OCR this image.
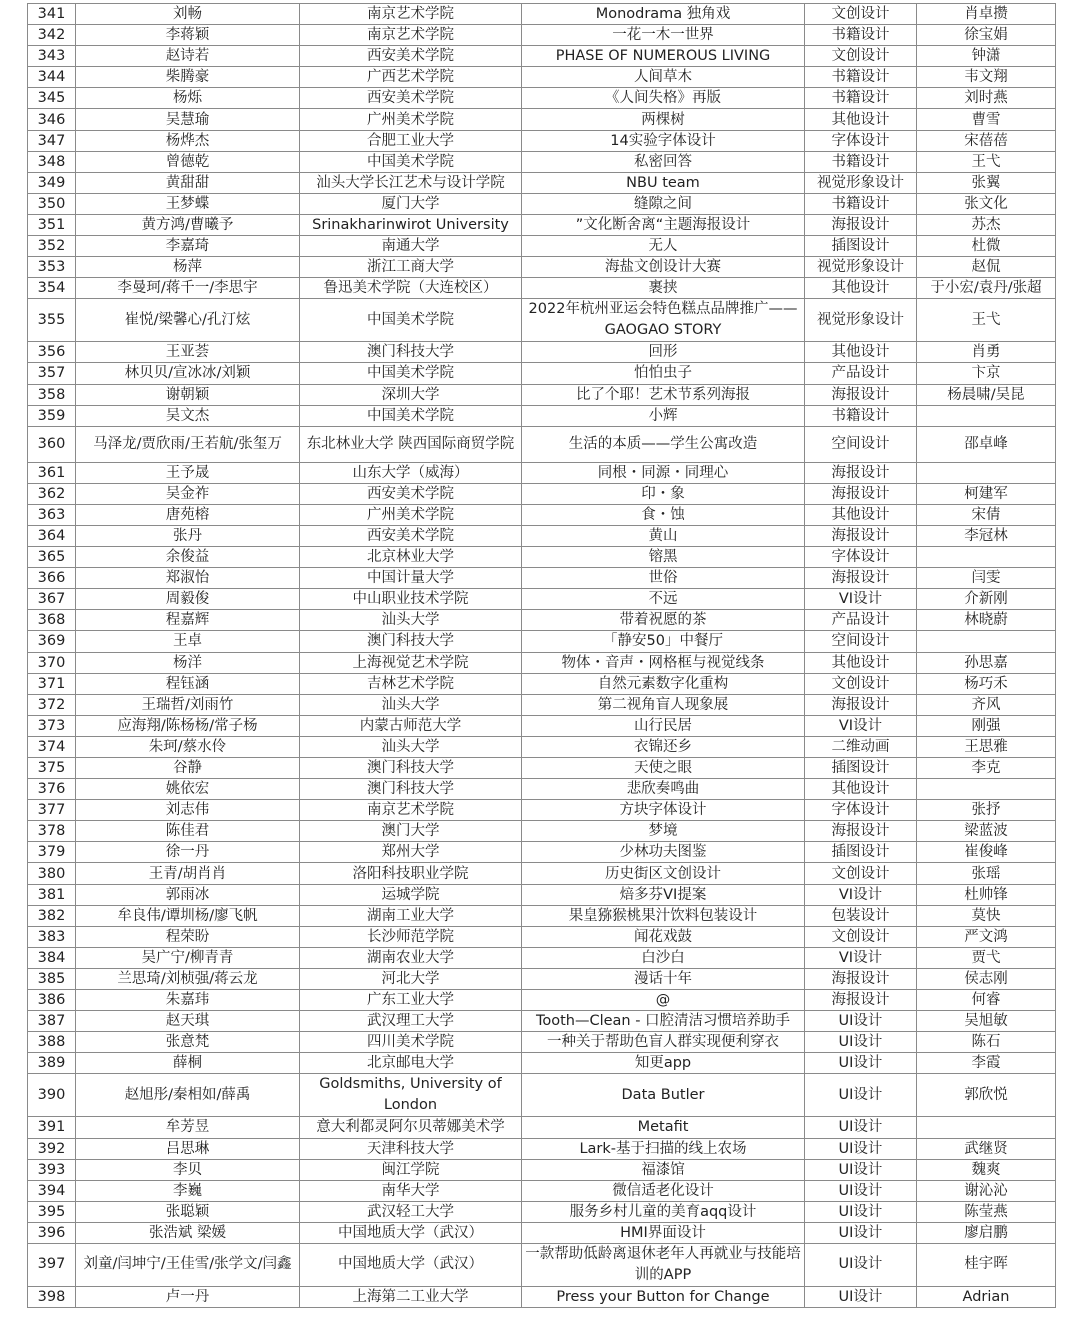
341	刘畅	南京艺术学院	Monodrama 独角戏	文创设计	肖卓攒
342	李蒋颖	南京艺术学院	一花一木一世界	书籍设计	徐宝娟
343	赵诗若	西安美术学院	PHASE OF NUMEROUS LIVING	文创设计	钟潇
344	柴腾豪	广西艺术学院	人间草木	书籍设计	韦文翔
345	杨烁	西安美术学院	《人间失格》再版	书籍设计	刘时燕
346	吴慧瑜	广州美术学院	两棵树	其他设计	曹雪
347	杨烨杰	合肥工业大学	14实验字体设计	字体设计	宋蓓蓓
348	曾德乾	中国美术学院	私密回答	书籍设计	王弋
349	黄甜甜	汕头大学长江艺术与设计学院	NBU team	视觉形象设计	张翼
350	王梦蝶	厦门大学	缝隙之间	书籍设计	张文化
351	黄方鸿/曹曦予	Srinakharinwirot University	”文化断舍离“主题海报设计	海报设计	苏杰
352	李嘉琦	南通大学	无人	插图设计	杜微
353	杨萍	浙江工商大学	海盐文创设计大赛	视觉形象设计	赵侃
354	李曼珂/蒋千一/李思宇	鲁迅美术学院（大连校区）	裹挟	其他设计	于小宏/袁丹/张超
355	崔悦/梁馨心/孔汀炫	中国美术学院	2022年杭州亚运会特色糕点品牌推广——GAOGAO STORY	视觉形象设计	王弋
356	王亚荟	澳门科技大学	回形	其他设计	肖勇
357	林贝贝/宣冰冰/刘颖	中国美术学院	怕怕虫子	产品设计	卞京
358	谢朝颖	深圳大学	比了个耶！艺术节系列海报	海报设计	杨晨啸/吴昆
359	吴文杰	中国美术学院	小辉	书籍设计	
360	马泽龙/贾欣雨/王若航/张玺万	东北林业大学 陕西国际商贸学院	生活的本质——学生公寓改造	空间设计	邵卓峰
361	王予晟	山东大学（威海）	同根・同源・同理心	海报设计	
362	吴金祚	西安美术学院	印・象	海报设计	柯建军
363	唐苑榕	广州美术学院	食・蚀	其他设计	宋倩
364	张丹	西安美术学院	黄山	海报设计	李冠林
365	余俊益	北京林业大学	镕黑	字体设计	
366	郑淑怡	中国计量大学	世俗	海报设计	闫雯
367	周毅俊	中山职业技术学院	不远	VI设计	介新刚
368	程嘉辉	汕头大学	带着祝愿的茶	产品设计	林晓蔚
369	王卓	澳门科技大学	「静安50」中餐厅	空间设计	
370	杨洋	上海视觉艺术学院	物体・音声・网格框与视觉线条	其他设计	孙思嘉
371	程钰涵	吉林艺术学院	自然元素数字化重构	文创设计	杨巧禾
372	王瑞哲/刘雨竹	汕头大学	第二视角盲人现象展	海报设计	齐风
373	应海翔/陈杨杨/常子杨	内蒙古师范大学	山行民居	VI设计	刚强
374	朱珂/蔡水伶	汕头大学	衣锦还乡	二维动画	王思雅
375	谷静	澳门科技大学	天使之眼	插图设计	李克
376	姚依宏	澳门科技大学	悲欣奏鸣曲	其他设计	
377	刘志伟	南京艺术学院	方块字体设计	字体设计	张抒
378	陈佳君	澳门大学	梦境	海报设计	梁蓝波
379	徐一丹	郑州大学	少林功夫图鉴	插图设计	崔俊峰
380	王青/胡肖肖	洛阳科技职业学院	历史街区文创设计	文创设计	张瑶
381	郭雨冰	运城学院	焙多芬VI提案	VI设计	杜帅锋
382	牟良伟/谭圳杨/廖飞帆	湖南工业大学	果皇猕猴桃果汁饮料包装设计	包装设计	莫快
383	程荣盼	长沙师范学院	闻花戏鼓	文创设计	严文鸿
384	吴广宁/柳青青	湖南农业大学	白沙白	VI设计	贾弋
385	兰思琦/刘桢强/蒋云龙	河北大学	漫话十年	海报设计	侯志刚
386	朱嘉玮	广东工业大学	@	海报设计	何睿
387	赵天琪	武汉理工大学	Tooth—Clean - 口腔清洁习惯培养助手	UI设计	吴旭敏
388	张意梵	四川美术学院	一种关于帮助色盲人群实现便利穿衣	UI设计	陈石
389	薛桐	北京邮电大学	知更app	UI设计	李霞
390	赵旭彤/秦相如/薛禹	Goldsmiths, University of London	Data Butler	UI设计	郭欣悦
391	牟芳昱	意大利都灵阿尔贝蒂娜美术学	Metafit	UI设计	
392	吕思琳	天津科技大学	Lark-基于扫描的线上农场	UI设计	武继贤
393	李贝	闽江学院	福漆馆	UI设计	魏爽
394	李巍	南华大学	微信适老化设计	UI设计	谢沁沁
395	张聪颖	武汉轻工大学	服务乡村儿童的美育aqq设计	UI设计	陈莹燕
396	张浩斌 梁媛	中国地质大学（武汉）	HMI界面设计	UI设计	廖启鹏
397	刘童/闫坤宁/王佳雪/张学文/闫鑫	中国地质大学（武汉）	一款帮助低龄离退休老年人再就业与技能培训的APP	UI设计	桂宇晖
398	卢一丹	上海第二工业大学	Press your Button for Change	UI设计	Adrian
